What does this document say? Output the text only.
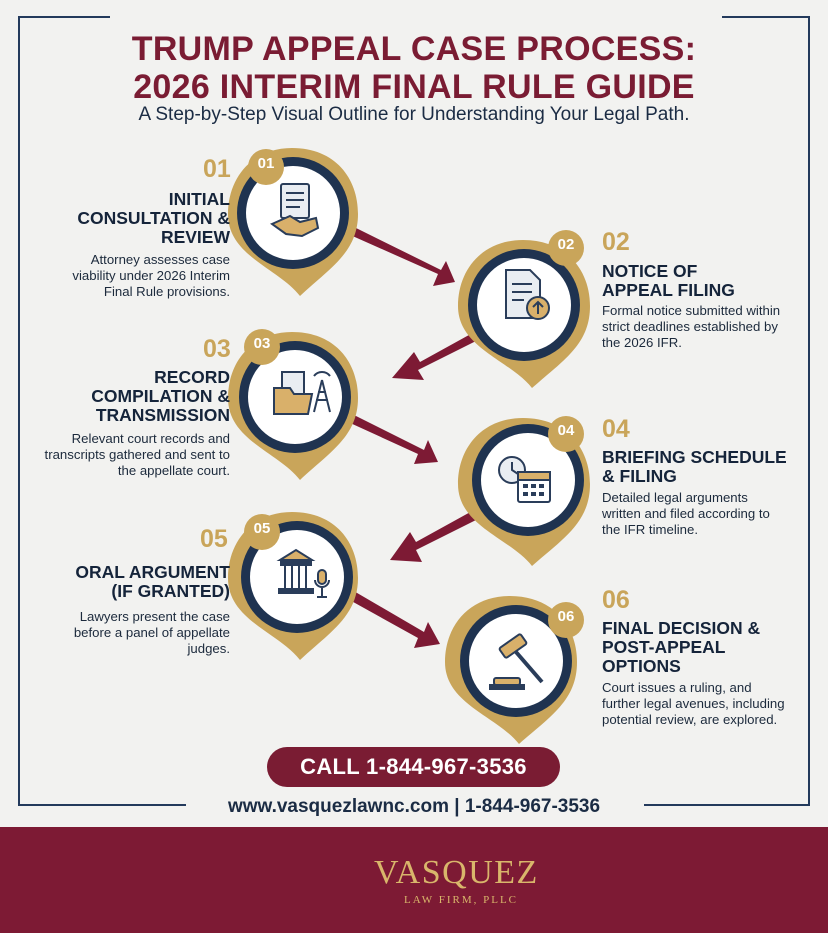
TRUMP APPEAL CASE PROCESS:
2026 INTERIM FINAL RULE GUIDE
A Step-by-Step Visual Outline for Understanding Your Legal Path.
01
02
03
04
05
06
01
INITIAL CONSULTATION & REVIEW
Attorney assesses case viability under 2026 Interim Final Rule provisions.
02
NOTICE OF APPEAL FILING
Formal notice submitted within strict deadlines established by the 2026 IFR.
03
RECORD COMPILATION & TRANSMISSION
Relevant court records and transcripts gathered and sent to the appellate court.
04
BRIEFING SCHEDULE & FILING
Detailed legal arguments written and filed according to the IFR timeline.
05
ORAL ARGUMENT (IF GRANTED)
Lawyers present the case before a panel of appellate judges.
06
FINAL DECISION & POST-APPEAL OPTIONS
Court issues a ruling, and further legal avenues, including potential review, are explored.
CALL 1-844-967-3536
www.vasquezlawnc.com | 1-844-967-3536
VASQUEZ
LAW FIRM, PLLC
